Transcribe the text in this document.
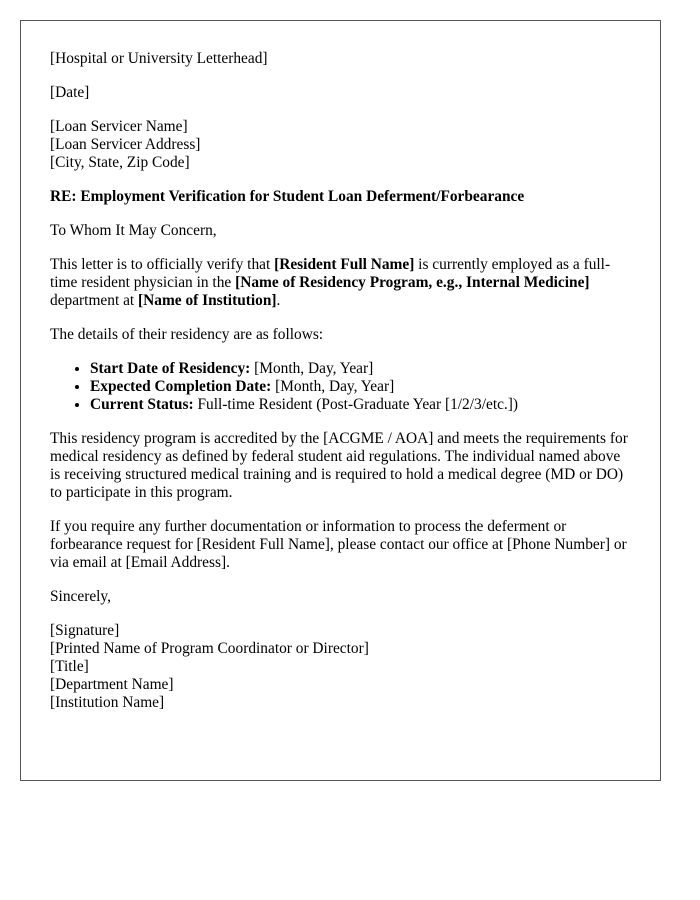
[Hospital or University Letterhead]

[Date]

[Loan Servicer Name]
[Loan Servicer Address]
[City, State, Zip Code]

RE: Employment Verification for Student Loan Deferment/Forbearance

To Whom It May Concern,

This letter is to officially verify that [Resident Full Name] is currently employed as a full-time resident physician in the [Name of Residency Program, e.g., Internal Medicine] department at [Name of Institution].

The details of their residency are as follows:

• Start Date of Residency: [Month, Day, Year]
• Expected Completion Date: [Month, Day, Year]
• Current Status: Full-time Resident (Post-Graduate Year [1/2/3/etc.])

This residency program is accredited by the [ACGME / AOA] and meets the requirements for medical residency as defined by federal student aid regulations. The individual named above is receiving structured medical training and is required to hold a medical degree (MD or DO) to participate in this program.

If you require any further documentation or information to process the deferment or forbearance request for [Resident Full Name], please contact our office at [Phone Number] or via email at [Email Address].

Sincerely,

[Signature]
[Printed Name of Program Coordinator or Director]
[Title]
[Department Name]
[Institution Name]
